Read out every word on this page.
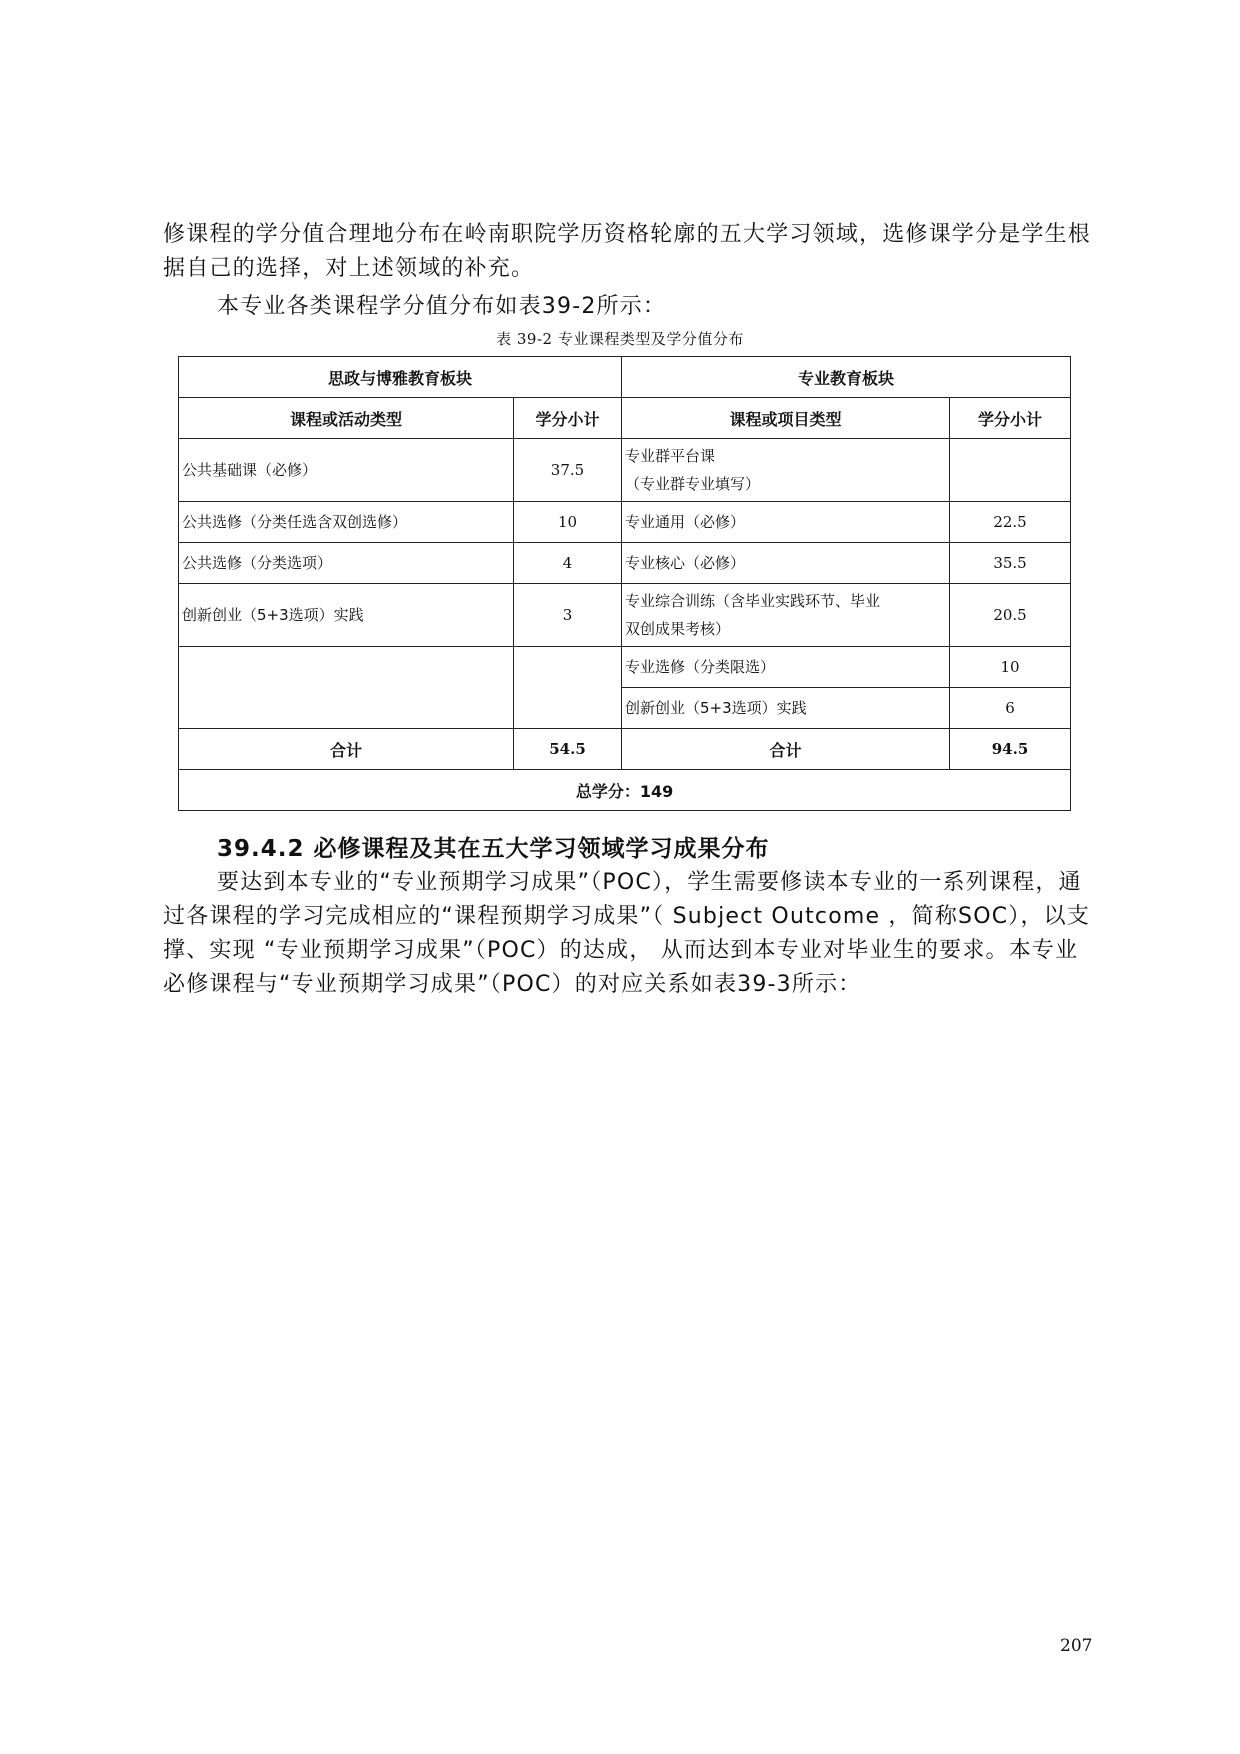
修课程的学分值合理地分布在岭南职院学历资格轮廓的五大学习领域，选修课学分是学生根据自己的选择，对上述领域的补充。

本专业各类课程学分值分布如表39-2所示：

表 39-2 专业课程类型及学分值分布
思政与博雅教育板块		专业教育板块	
课程或活动类型	学分小计	课程或项目类型	学分小计
公共基础课（必修）	37.5	专业群平台课
（专业群专业填写）	

公共选修（分类任选含双创选修）	10	专业通用（必修）	22.5
公共选修（分类选项）	4	专业核心（必修）	35.5
创新创业（5+3选项）实践	3	专业综合训练（含毕业实践环节、毕业
双创成果考核）	20.5
		专业选修（分类限选）	10
		创新创业（5+3选项）实践	6
合计	54.5	合计	94.5
总学分：149			
39.4.2 必修课程及其在五大学习领域学习成果分布

要达到本专业的“专业预期学习成果”（POC），学生需要修读本专业的一系列课程，通过各课程的学习完成相应的“课程预期学习成果”（ Subject Outcome ，简称SOC），以支撑、实现 “专业预期学习成果”（POC）的达成， 从而达到本专业对毕业生的要求。本专业必修课程与“专业预期学习成果”（POC）的对应关系如表39-3所示：

207
